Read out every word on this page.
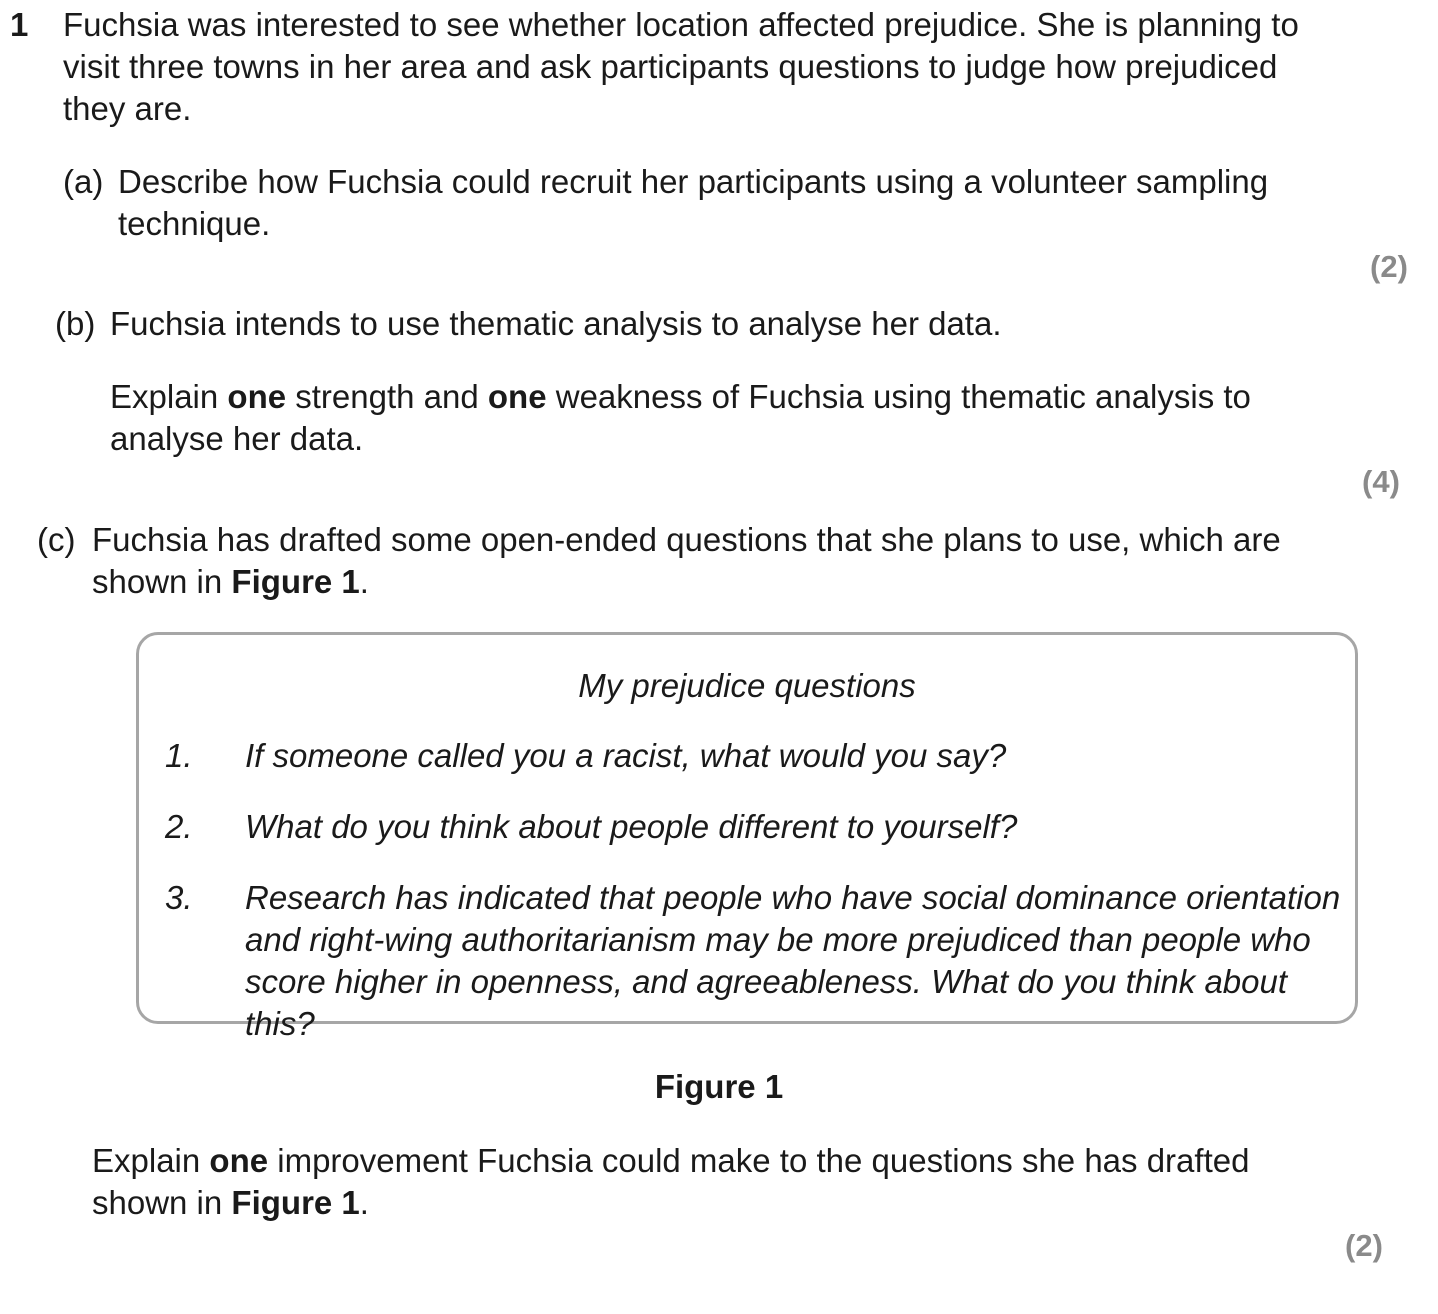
1 Fuchsia was interested to see whether location affected prejudice. She is planning to

visit three towns in her area and ask participants questions to judge how prejudiced

they are.

(a) Describe how Fuchsia could recruit her participants using a volunteer sampling

technique.

(2)
(b) Fuchsia intends to use thematic analysis to analyse her data.

Explain one strength and one weakness of Fuchsia using thematic analysis to

analyse her data.

(4)
(c) Fuchsia has drafted some open-ended questions that she plans to use, which are

shown in Figure 1.

My prejudice questions
1.	If someone called you a racist, what would you say?
2.	What do you think about people different to yourself?
3.	Research has indicated that people who have social dominance orientation
and right-wing authoritarianism may be more prejudiced than people who
score higher in openness, and agreeableness. What do you think about this?
Figure 1

Explain one improvement Fuchsia could make to the questions she has drafted

shown in Figure 1.

(2)
